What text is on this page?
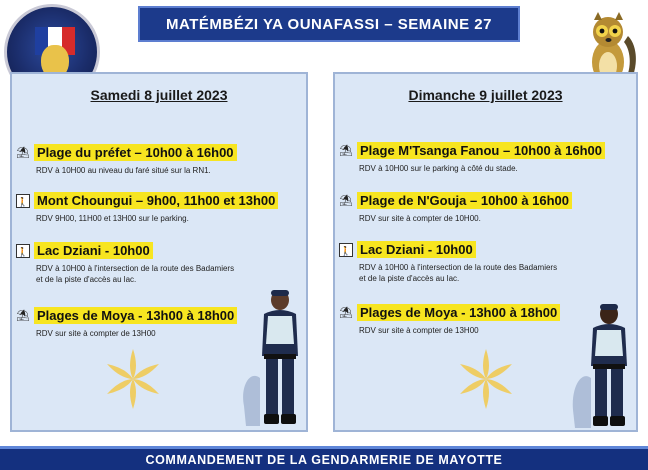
MATÉMBÉZI YA OUNAFASSI – SEMAINE 27
Samedi 8 juillet 2023
⛱ Plage du préfet – 10h00 à 16h00
RDV à 10H00 au niveau du faré situé sur la RN1.
🚶 Mont Choungui – 9h00, 11h00 et 13h00
RDV 9H00, 11H00 et 13H00 sur le parking.
🚶 Lac Dziani - 10h00
RDV à 10H00 à l'intersection de la route des Badamiers
et de la piste d'accès au lac.
⛱ Plages de Moya - 13h00 à 18h00
RDV sur site à compter de 13H00
Dimanche 9 juillet 2023
⛱ Plage M'Tsanga Fanou – 10h00 à 16h00
RDV à 10H00 sur le parking à côté du stade.
⛱ Plage de N'Gouja – 10h00 à 16h00
RDV sur site à compter de 10H00.
🚶 Lac Dziani - 10h00
RDV à 10H00 à l'intersection de la route des Badamiers
et de la piste d'accès au lac.
⛱ Plages de Moya - 13h00 à 18h00
RDV sur site à compter de 13H00
COMMANDEMENT DE LA GENDARMERIE DE MAYOTTE
